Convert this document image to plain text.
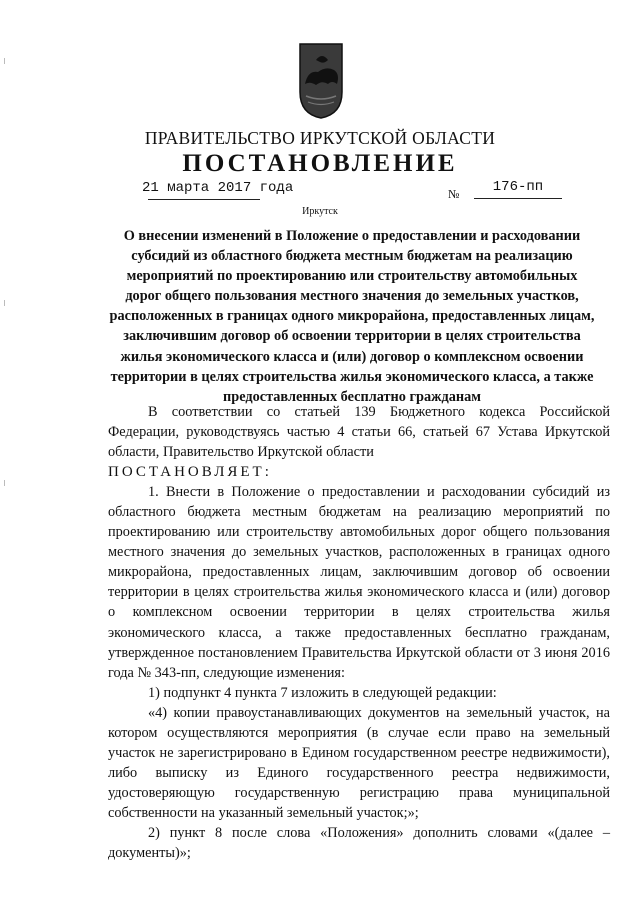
ПРАВИТЕЛЬСТВО ИРКУТСКОЙ ОБЛАСТИ
ПОСТАНОВЛЕНИЕ
21 марта 2017 года	№	176-пп
Иркутск
О внесении изменений в Положение о предоставлении и расходовании субсидий из областного бюджета местным бюджетам на реализацию мероприятий по проектированию или строительству автомобильных дорог общего пользования местного значения до земельных участков, расположенных в границах одного микрорайона, предоставленных лицам, заключившим договор об освоении территории в целях строительства жилья экономического класса и (или) договор о комплексном освоении территории в целях строительства жилья экономического класса, а также предоставленных бесплатно гражданам

В соответствии со статьей 139 Бюджетного кодекса Российской Федерации, руководствуясь частью 4 статьи 66, статьей 67 Устава Иркутской области, Правительство Иркутской области

ПОСТАНОВЛЯЕТ:

1. Внести в Положение о предоставлении и расходовании субсидий из областного бюджета местным бюджетам на реализацию мероприятий по проектированию или строительству автомобильных дорог общего пользования местного значения до земельных участков, расположенных в границах одного микрорайона, предоставленных лицам, заключившим договор об освоении территории в целях строительства жилья экономического класса и (или) договор о комплексном освоении территории в целях строительства жилья экономического класса, а также предоставленных бесплатно гражданам, утвержденное постановлением Правительства Иркутской области от 3 июня 2016 года № 343-пп, следующие изменения:

1) подпункт 4 пункта 7 изложить в следующей редакции:

«4) копии правоустанавливающих документов на земельный участок, на котором осуществляются мероприятия (в случае если право на земельный участок не зарегистрировано в Едином государственном реестре недвижимости), либо выписку из Единого государственного реестра недвижимости, удостоверяющую государственную регистрацию права муниципальной собственности на указанный земельный участок;»;

2) пункт 8 после слова «Положения» дополнить словами «(далее – документы)»;
